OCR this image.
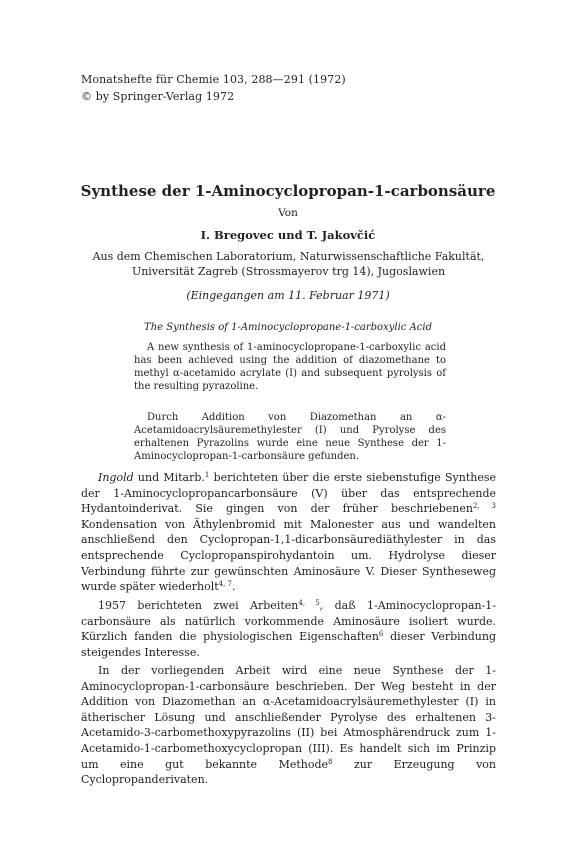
Monatshefte für Chemie 103, 288—291 (1972)
© by Springer-Verlag 1972
Synthese der 1-Aminocyclopropan-1-carbonsäure
Von
I. Bregovec und T. Jakovčić
Aus dem Chemischen Laboratorium, Naturwissenschaftliche Fakultät,
Universität Zagreb (Strossmayerov trg 14), Jugoslawien
(Eingegangen am 11. Februar 1971)
The Synthesis of 1-Aminocyclopropane-1-carboxylic Acid
A new synthesis of 1-aminocyclopropane-1-carboxylic acid has been achieved using the addition of diazomethane to methyl α-acetamido acrylate (I) and subsequent pyrolysis of the resulting pyrazoline.
Durch Addition von Diazomethan an α-Acetamidoacrylsäuremethylester (I) und Pyrolyse des erhaltenen Pyrazolins wurde eine neue Synthese der 1-Aminocyclopropan-1-carbonsäure gefunden.

Ingold und Mitarb.$^1$ berichteten über die erste siebenstufige Synthese der 1-Aminocyclopropancarbonsäure (V) über das entsprechende Hydantoinderivat. Sie gingen von der früher beschriebenen$^{2, 3}$ Kondensation von Äthylenbromid mit Malonester aus und wandelten anschließend den Cyclopropan-1,1-dicarbonsäurediäthylester in das entsprechende Cyclopropanspirohydantoin um. Hydrolyse dieser Verbindung führte zur gewünschten Aminosäure V. Dieser Syntheseweg wurde später wiederholt$^{4, 7}$.

1957 berichteten zwei Arbeiten$^{4, 5}$, daß 1-Aminocyclopropan-1-carbonsäure als natürlich vorkommende Aminosäure isoliert wurde. Kürzlich fanden die physiologischen Eigenschaften$^6$ dieser Verbindung steigendes Interesse.

In der vorliegenden Arbeit wird eine neue Synthese der 1-Aminocyclopropan-1-carbonsäure beschrieben. Der Weg besteht in der Addition von Diazomethan an α-Acetamidoacrylsäuremethylester (I) in ätherischer Lösung und anschließender Pyrolyse des erhaltenen 3-Acetamido-3-carbomethoxypyrazolins (II) bei Atmosphärendruck zum 1-Acetamido-1-carbomethoxycyclopropan (III). Es handelt sich im Prinzip um eine gut bekannte Methode$^8$ zur Erzeugung von Cyclopropanderivaten.
